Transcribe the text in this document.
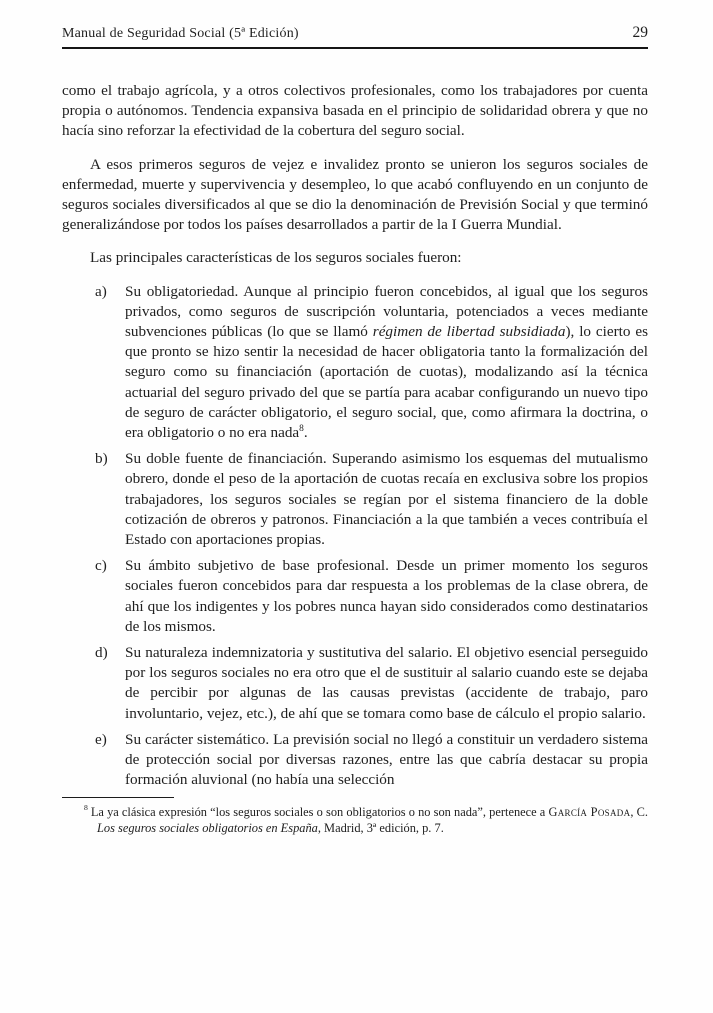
Manual de Seguridad Social (5ª Edición)	29

como el trabajo agrícola, y a otros colectivos profesionales, como los trabajadores por cuenta propia o autónomos. Tendencia expansiva basada en el principio de solidaridad obrera y que no hacía sino reforzar la efectividad de la cobertura del seguro social.

A esos primeros seguros de vejez e invalidez pronto se unieron los seguros sociales de enfermedad, muerte y supervivencia y desempleo, lo que acabó confluyendo en un conjunto de seguros sociales diversificados al que se dio la denominación de Previsión Social y que terminó generalizándose por todos los países desarrollados a partir de la I Guerra Mundial.

Las principales características de los seguros sociales fueron:

a)	Su obligatoriedad. Aunque al principio fueron concebidos, al igual que los seguros privados, como seguros de suscripción voluntaria, potenciados a veces mediante subvenciones públicas (lo que se llamó régimen de libertad subsidiada), lo cierto es que pronto se hizo sentir la necesidad de hacer obligatoria tanto la formalización del seguro como su financiación (aportación de cuotas), modalizando así la técnica actuarial del seguro privado del que se partía para acabar configurando un nuevo tipo de seguro de carácter obligatorio, el seguro social, que, como afirmara la doctrina, o era obligatorio o no era nada$^8$.
b)	Su doble fuente de financiación. Superando asimismo los esquemas del mutualismo obrero, donde el peso de la aportación de cuotas recaía en exclusiva sobre los propios trabajadores, los seguros sociales se regían por el sistema financiero de la doble cotización de obreros y patronos. Financiación a la que también a veces contribuía el Estado con aportaciones propias.
c)	Su ámbito subjetivo de base profesional. Desde un primer momento los seguros sociales fueron concebidos para dar respuesta a los problemas de la clase obrera, de ahí que los indigentes y los pobres nunca hayan sido considerados como destinatarios de los mismos.
d)	Su naturaleza indemnizatoria y sustitutiva del salario. El objetivo esencial perseguido por los seguros sociales no era otro que el de sustituir al salario cuando este se dejaba de percibir por algunas de las causas previstas (accidente de trabajo, paro involuntario, vejez, etc.), de ahí que se tomara como base de cálculo el propio salario.
e)	Su carácter sistemático. La previsión social no llegó a constituir un verdadero sistema de protección social por diversas razones, entre las que cabría destacar su propia formación aluvional (no había una selección
$^8$ La ya clásica expresión “los seguros sociales o son obligatorios o no son nada”, pertenece a García Posada, C. Los seguros sociales obligatorios en España, Madrid, 3ª edición, p. 7.
